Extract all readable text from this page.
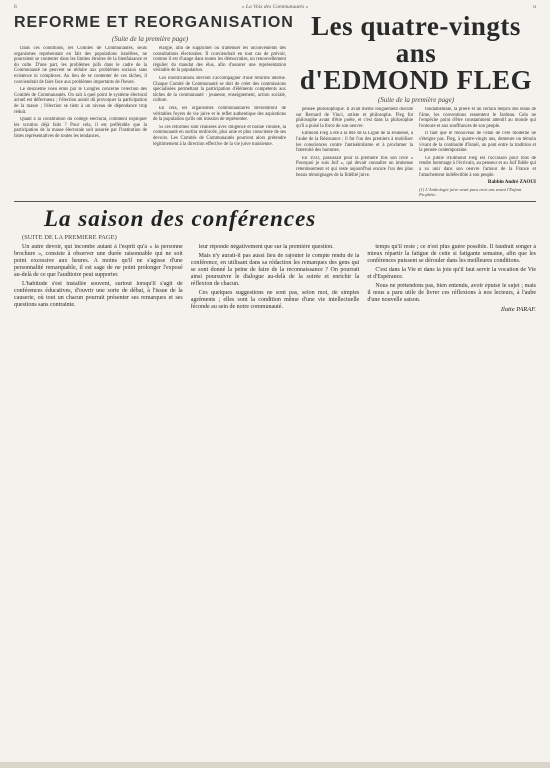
6	« La Voix des Communautés »	n
REFORME ET REORGANISATION
(Suite de la première page)

Dans ces conditions, les Comités de Communautés, seuls organismes représentant en fait des populations israélites, ne pourraient se contenter dans les limites étroites de la bienfaisance et du culte. D'une part, les problèmes juifs dans le cadre de la Communauté ne peuvent se réduire aux problèmes sociaux sans existence ni complexes. Au lieu de se contenter de ces tâches, il conviendrait de faire face aux problèmes importants de l'heure.

Le deuxième voeu émis par le Congrès concerne l'élection des Comités de Communautés. On sait à quel point le système électoral actuel est défectueux ; l'élection aurait dû provoquer la participation de la masse ; l'élection se tient à un niveau de dépendance trop réduit.

Quant à la constitution du collège électoral, comment expliquer les scrutins déjà faits ? Pour cela, il est préférable que la participation de la masse électorale soit assurée par l'institution de listes représentatives de toutes les tendances.

élargie, afin de supprimer ou d'atténuer les inconvénients des consultations électorales. Il conviendrait en tout cas de prévoir, comme il est d'usage dans toutes les démocraties, un renouvellement régulier du mandat des élus, afin d'assurer une représentation véritable de la population.

Ces modifications devront s'accompagner d'une réforme interne. Chaque Comité de Communauté se doit de créer des commissions spécialisées permettant la participation d'éléments compétents aux tâches de la communauté : jeunesse, enseignement, action sociale, culture.

En cela, les organismes communautaires deviendront de véritables foyers de vie juive et le reflet authentique des aspirations de la population qu'ils ont mission de représenter.

Si ces réformes sont réalisées avec diligence et bonne volonté, la communauté en sortira renforcée, plus unie et plus consciente de ses devoirs. Les Comités de Communautés pourront alors prétendre légitimement à la direction effective de la vie juive tunisienne.

Les quatre-vingts ans
d'EDMOND FLEG
(Suite de la première page)

pensée philosophique. Il avait même longuement discuté sur Bernard de Vinci, artiste et philosophe. Fleg fut philosophe avant d'être poète, et c'est dans la philosophie qu'il a puisé la force de son oeuvre.

Edmond Fleg a été à la tête de la Ligue de la Jeunesse, à l'aube de la Résistance ; il fut l'un des premiers à mobiliser les consciences contre l'antisémitisme et à proclamer la fraternité des hommes.

En 1933, paraissait pour la première fois son livre « Pourquoi je suis Juif », qui devait connaître un immense retentissement et qui reste aujourd'hui encore l'un des plus beaux témoignages de la fidélité juive.

fondamentale, la prière et un certain mépris des élans de l'âme, les conventions ressentent le fardeau. Cela ne l'empêche point d'être constamment attentif au monde qui l'entoure et aux souffrances de son peuple.

Il faut que le renouveau de l'élan de l'ère moderne ne s'éteigne pas. Fleg, à quatre-vingts ans, demeure un témoin vivant de la continuité d'Israël, un pont entre la tradition et la pensée contemporaine.

Ce jubilé d'Edmond Fleg est l'occasion pour tous de rendre hommage à l'écrivain, au penseur et au Juif fidèle qui a su unir dans son oeuvre l'amour de la France et l'attachement indéfectible à son peuple.

Rabbin André ZAOUI
(1) L'Anthologie juive avait paru trois ans avant l'Enfant Prophète.
La saison des conférences
(SUITE DE LA PREMIERE PAGE)

Un autre devoir, qui incombe autant à l'esprit qu'à « la personne brochure », consiste à observer une durée raisonnable qui ne soit point excessive aux heures. A moins qu'il ne s'agisse d'une personnalité remarquable, il est sage de ne point prolonger l'exposé au-delà de ce que l'auditoire peut supporter.

L'habitude s'est installée souvent, surtout lorsqu'il s'agit de conférences éducatives, d'ouvrir une sorte de débat, à l'issue de la causerie, où tout un chacun pourrait présenter ses remarques et ses questions sans contrainte.

leur réponde négativement que sur la première question.

Mais n'y aurait-il pas aussi lieu de rajouter le compte rendu de la conférence, en utilisant dans sa rédaction les remarques des gens qui se sont donné la peine de faire de la reconnaissance ? On pourrait ainsi poursuivre le dialogue au-delà de la soirée et enrichir la réflexion de chacun.

Ces quelques suggestions ne sont pas, selon moi, de simples agréments ; elles sont la condition même d'une vie intellectuelle féconde au sein de notre communauté.

temps qu'il reste ; ce n'est plus guère possible. Il faudrait songer à mieux répartir la fatigue de cette si fatigante semaine, afin que les conférences puissent se dérouler dans les meilleures conditions.

C'est dans la Vie et dans la joie qu'il faut servir la vocation de Vie et d'Espérance.

Nous ne prétendons pas, bien entendu, avoir épuisé le sujet ; mais il nous a paru utile de livrer ces réflexions à nos lecteurs, à l'aube d'une nouvelle saison.

Ilatte PARAF.
